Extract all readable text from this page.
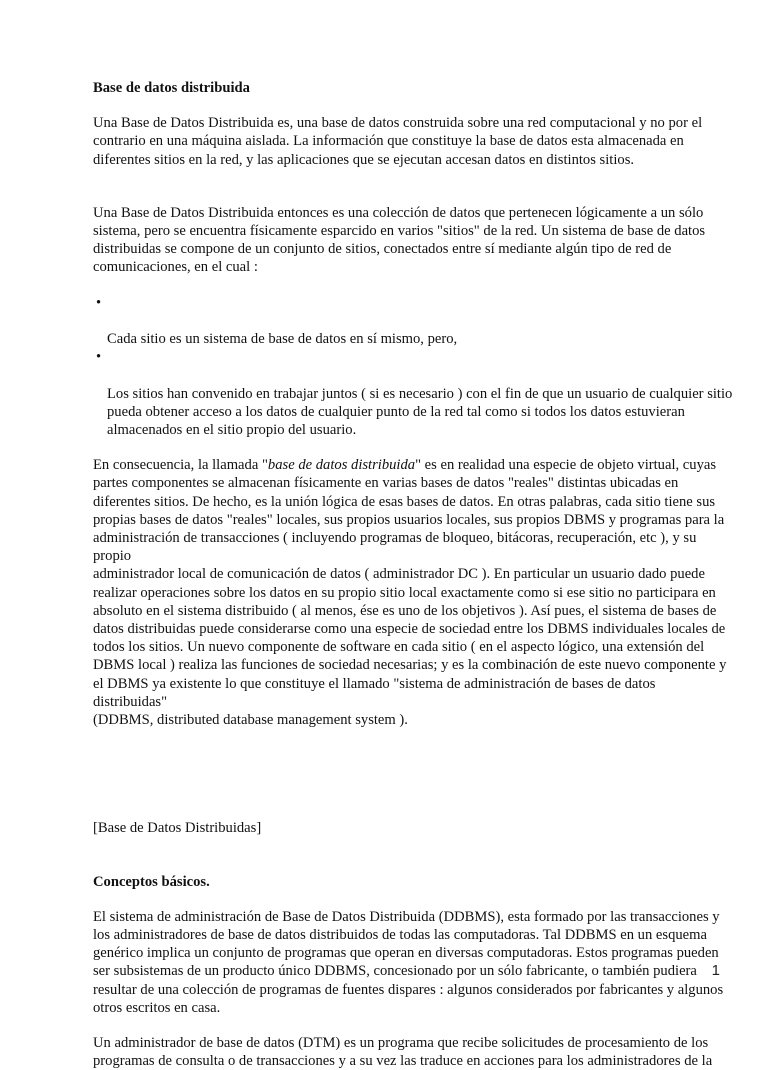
Base de datos distribuida

Una Base de Datos Distribuida es, una base de datos construida sobre una red computacional y no por el
contrario en una máquina aislada. La información que constituye la base de datos esta almacenada en
diferentes sitios en la red, y las aplicaciones que se ejecutan accesan datos en distintos sitios.

Una Base de Datos Distribuida entonces es una colección de datos que pertenecen lógicamente a un sólo
sistema, pero se encuentra físicamente esparcido en varios "sitios" de la red. Un sistema de base de datos
distribuidas se compone de un conjunto de sitios, conectados entre sí mediante algún tipo de red de
comunicaciones, en el cual :

•

Cada sitio es un sistema de base de datos en sí mismo, pero,

•

Los sitios han convenido en trabajar juntos ( si es necesario ) con el fin de que un usuario de cualquier sitio
pueda obtener acceso a los datos de cualquier punto de la red tal como si todos los datos estuvieran
almacenados en el sitio propio del usuario.

En consecuencia, la llamada "base de datos distribuida" es en realidad una especie de objeto virtual, cuyas
partes componentes se almacenan físicamente en varias bases de datos "reales" distintas ubicadas en
diferentes sitios. De hecho, es la unión lógica de esas bases de datos. En otras palabras, cada sitio tiene sus
propias bases de datos "reales" locales, sus propios usuarios locales, sus propios DBMS y programas para la
administración de transacciones ( incluyendo programas de bloqueo, bitácoras, recuperación, etc ), y su propio
administrador local de comunicación de datos ( administrador DC ). En particular un usuario dado puede
realizar operaciones sobre los datos en su propio sitio local exactamente como si ese sitio no participara en
absoluto en el sistema distribuido ( al menos, ése es uno de los objetivos ). Así pues, el sistema de bases de
datos distribuidas puede considerarse como una especie de sociedad entre los DBMS individuales locales de
todos los sitios. Un nuevo componente de software en cada sitio ( en el aspecto lógico, una extensión del
DBMS local ) realiza las funciones de sociedad necesarias; y es la combinación de este nuevo componente y
el DBMS ya existente lo que constituye el llamado "sistema de administración de bases de datos distribuidas"
(DDBMS, distributed database management system ).

[Base de Datos Distribuidas]

Conceptos básicos.

El sistema de administración de Base de Datos Distribuida (DDBMS), esta formado por las transacciones y
los administradores de base de datos distribuidos de todas las computadoras. Tal DDBMS en un esquema
genérico implica un conjunto de programas que operan en diversas computadoras. Estos programas pueden
ser subsistemas de un producto único DDBMS, concesionado por un sólo fabricante, o también pudiera
resultar de una colección de programas de fuentes dispares : algunos considerados por fabricantes y algunos
otros escritos en casa.

Un administrador de base de datos (DTM) es un programa que recibe solicitudes de procesamiento de los
programas de consulta o de transacciones y a su vez las traduce en acciones para los administradores de la

1
